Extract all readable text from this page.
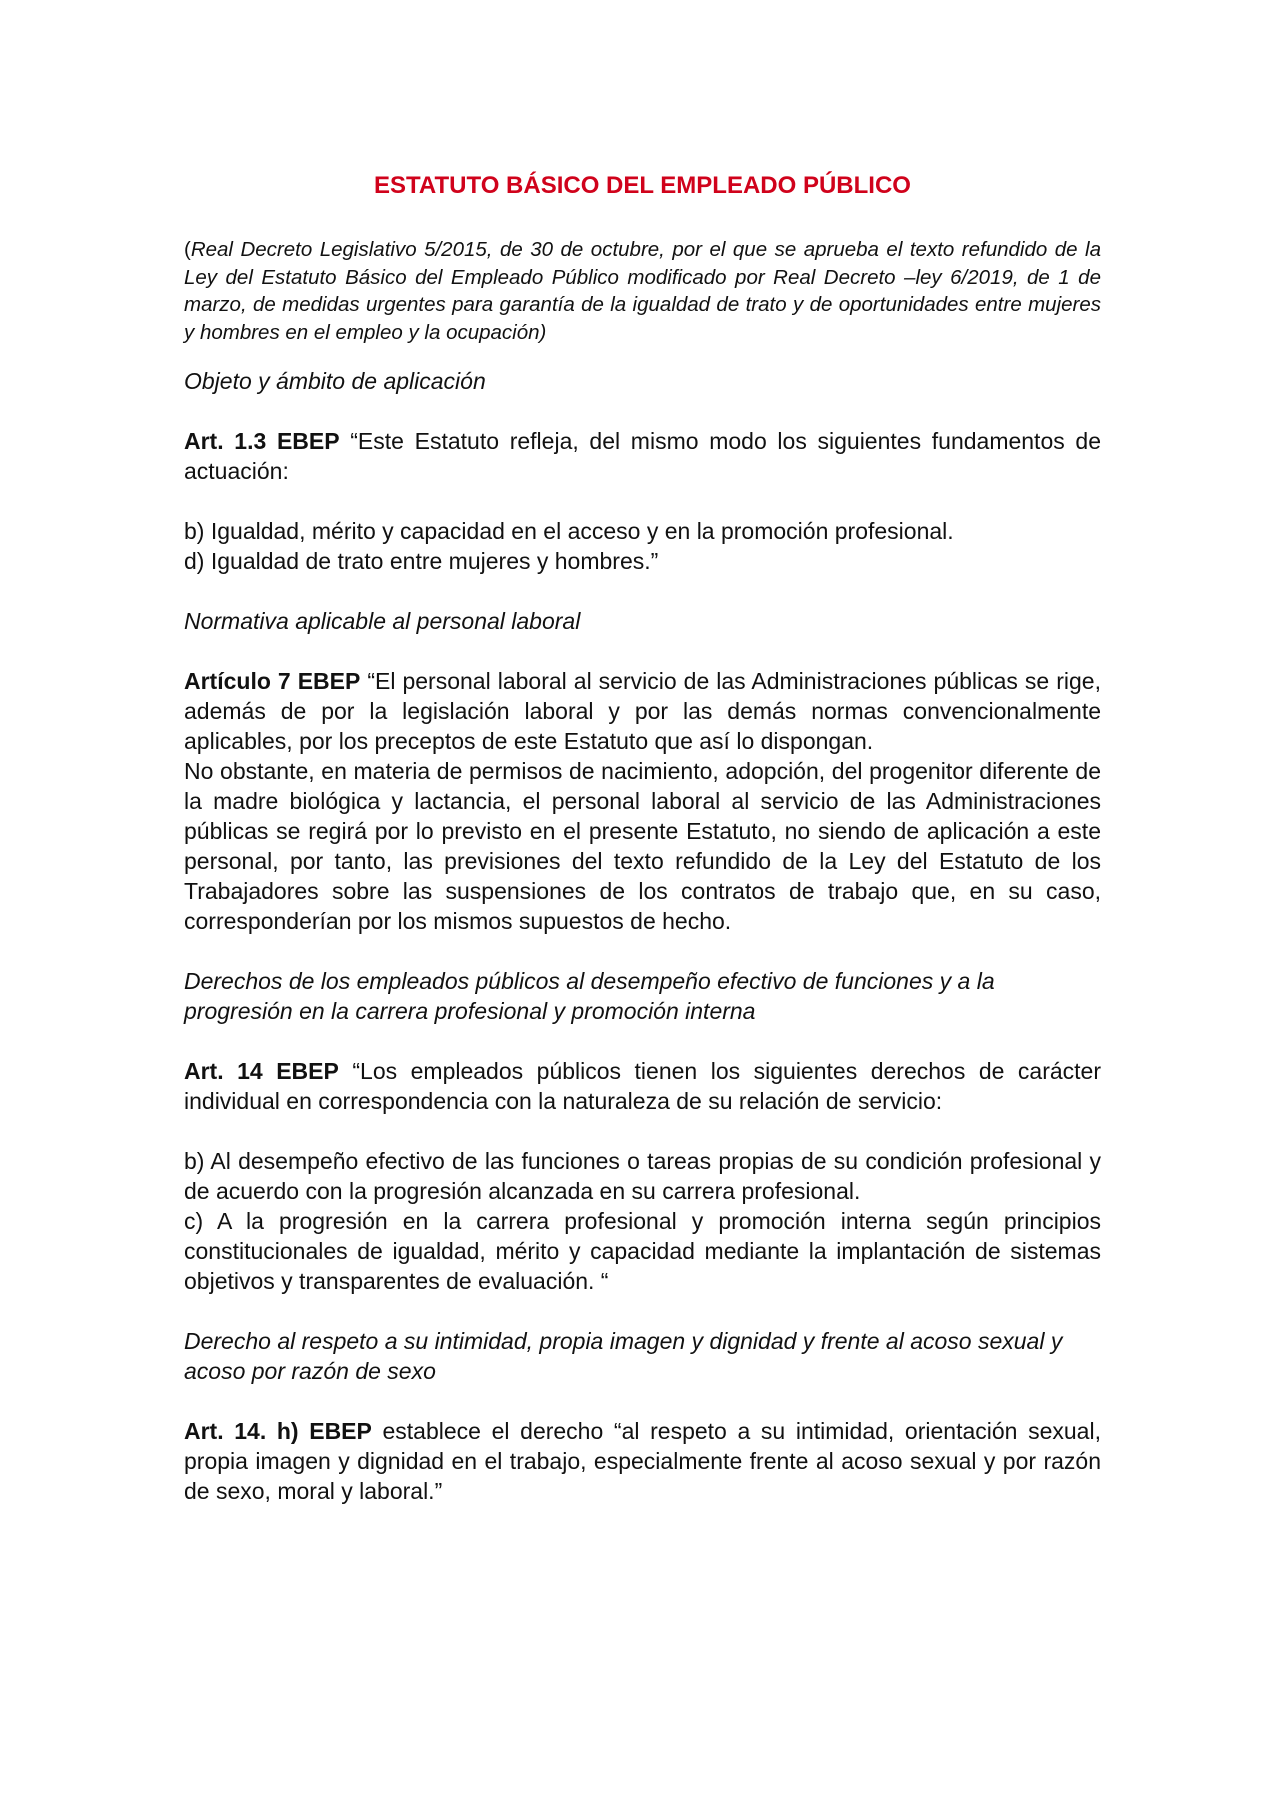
ESTATUTO BÁSICO DEL EMPLEADO PÚBLICO

(Real Decreto Legislativo 5/2015, de 30 de octubre, por el que se aprueba el texto refundido de la Ley del Estatuto Básico del Empleado Público modificado por Real Decreto –ley 6/2019, de 1 de marzo, de medidas urgentes para garantía de la igualdad de trato y de oportunidades entre mujeres y hombres en el empleo y la ocupación)

Objeto y ámbito de aplicación

Art. 1.3 EBEP “Este Estatuto refleja, del mismo modo los siguientes fundamentos de actuación:

b) Igualdad, mérito y capacidad en el acceso y en la promoción profesional.

d) Igualdad de trato entre mujeres y hombres.”

Normativa aplicable al personal laboral

Artículo 7 EBEP “El personal laboral al servicio de las Administraciones públicas se rige, además de por la legislación laboral y por las demás normas convencionalmente aplicables, por los preceptos de este Estatuto que así lo dispongan.

No obstante, en materia de permisos de nacimiento, adopción, del progenitor diferente de la madre biológica y lactancia, el personal laboral al servicio de las Administraciones públicas se regirá por lo previsto en el presente Estatuto, no siendo de aplicación a este personal, por tanto, las previsiones del texto refundido de la Ley del Estatuto de los Trabajadores sobre las suspensiones de los contratos de trabajo que, en su caso, corresponderían por los mismos supuestos de hecho.

Derechos de los empleados públicos al desempeño efectivo de funciones y a la progresión en la carrera profesional y promoción interna

Art. 14 EBEP “Los empleados públicos tienen los siguientes derechos de carácter individual en correspondencia con la naturaleza de su relación de servicio:

b) Al desempeño efectivo de las funciones o tareas propias de su condición profesional y de acuerdo con la progresión alcanzada en su carrera profesional.

c) A la progresión en la carrera profesional y promoción interna según principios constitucionales de igualdad, mérito y capacidad mediante la implantación de sistemas objetivos y transparentes de evaluación. “

Derecho al respeto a su intimidad, propia imagen y dignidad y frente al acoso sexual y acoso por razón de sexo

Art. 14. h) EBEP establece el derecho “al respeto a su intimidad, orientación sexual, propia imagen y dignidad en el trabajo, especialmente frente al acoso sexual y por razón de sexo, moral y laboral.”
